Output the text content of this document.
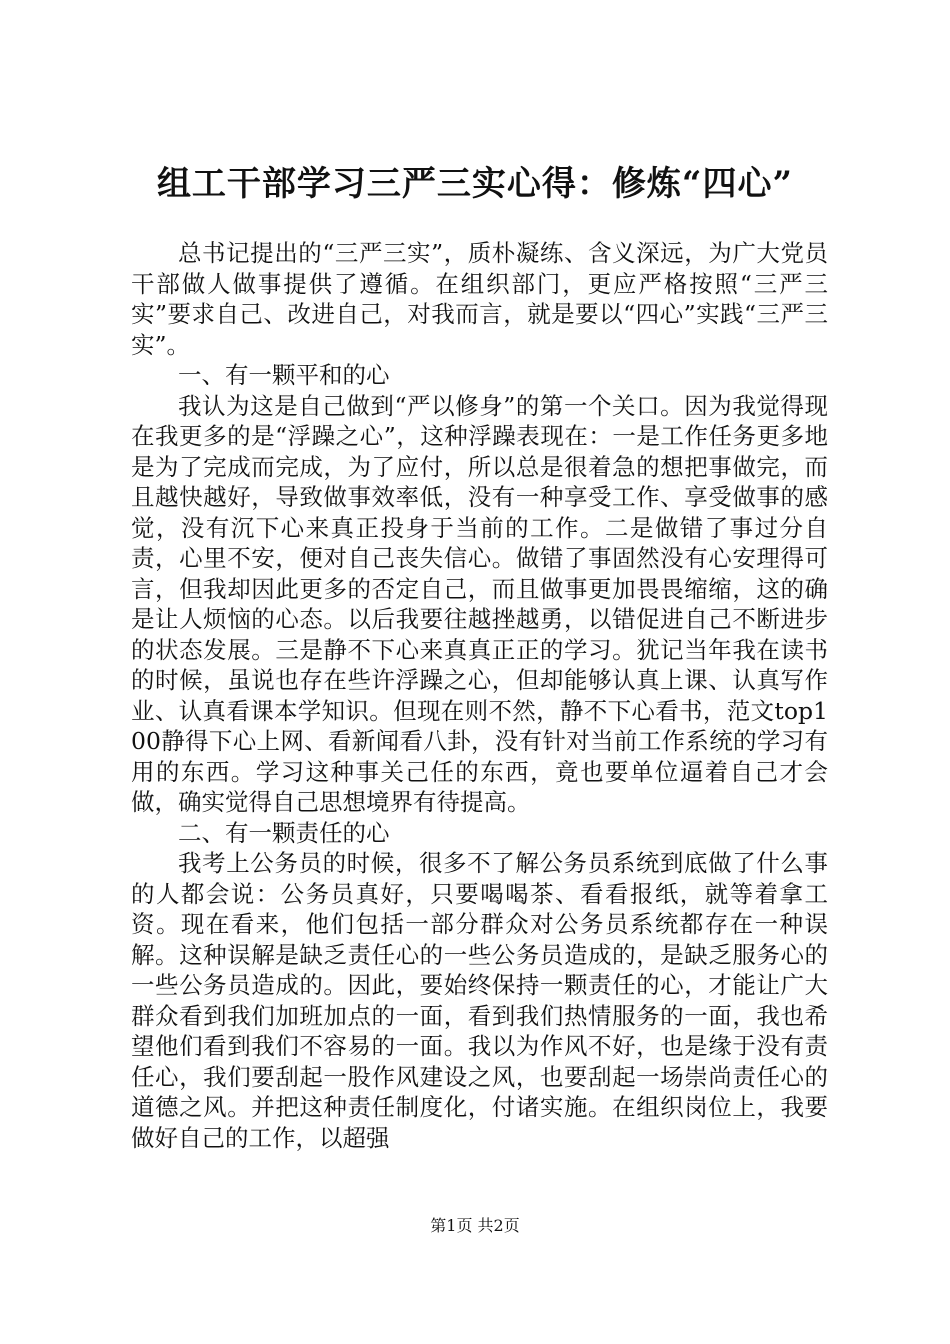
组工干部学习三严三实心得：修炼“四心”

总书记提出的“三严三实”，质朴凝练、含义深远，为广大党员干部做人做事提供了遵循。在组织部门，更应严格按照“三严三实”要求自己、改进自己，对我而言，就是要以“四心”实践“三严三实”。

一、有一颗平和的心

我认为这是自己做到“严以修身”的第一个关口。因为我觉得现在我更多的是“浮躁之心”，这种浮躁表现在：一是工作任务更多地是为了完成而完成，为了应付，所以总是很着急的想把事做完，而且越快越好，导致做事效率低，没有一种享受工作、享受做事的感觉，没有沉下心来真正投身于当前的工作。二是做错了事过分自责，心里不安，便对自己丧失信心。做错了事固然没有心安理得可言，但我却因此更多的否定自己，而且做事更加畏畏缩缩，这的确是让人烦恼的心态。以后我要往越挫越勇，以错促进自己不断进步的状态发展。三是静不下心来真真正正的学习。犹记当年我在读书的时候，虽说也存在些许浮躁之心，但却能够认真上课、认真写作业、认真看课本学知识。但现在则不然，静不下心看书，范文top100静得下心上网、看新闻看八卦，没有针对当前工作系统的学习有用的东西。学习这种事关己任的东西，竟也要单位逼着自己才会做，确实觉得自己思想境界有待提高。

二、有一颗责任的心

我考上公务员的时候，很多不了解公务员系统到底做了什么事的人都会说：公务员真好，只要喝喝茶、看看报纸，就等着拿工资。现在看来，他们包括一部分群众对公务员系统都存在一种误解。这种误解是缺乏责任心的一些公务员造成的，是缺乏服务心的一些公务员造成的。因此，要始终保持一颗责任的心，才能让广大群众看到我们加班加点的一面，看到我们热情服务的一面，我也希望他们看到我们不容易的一面。我以为作风不好，也是缘于没有责任心，我们要刮起一股作风建设之风，也要刮起一场崇尚责任心的道德之风。并把这种责任制度化，付诸实施。在组织岗位上，我要做好自己的工作，以超强

第1页 共2页
